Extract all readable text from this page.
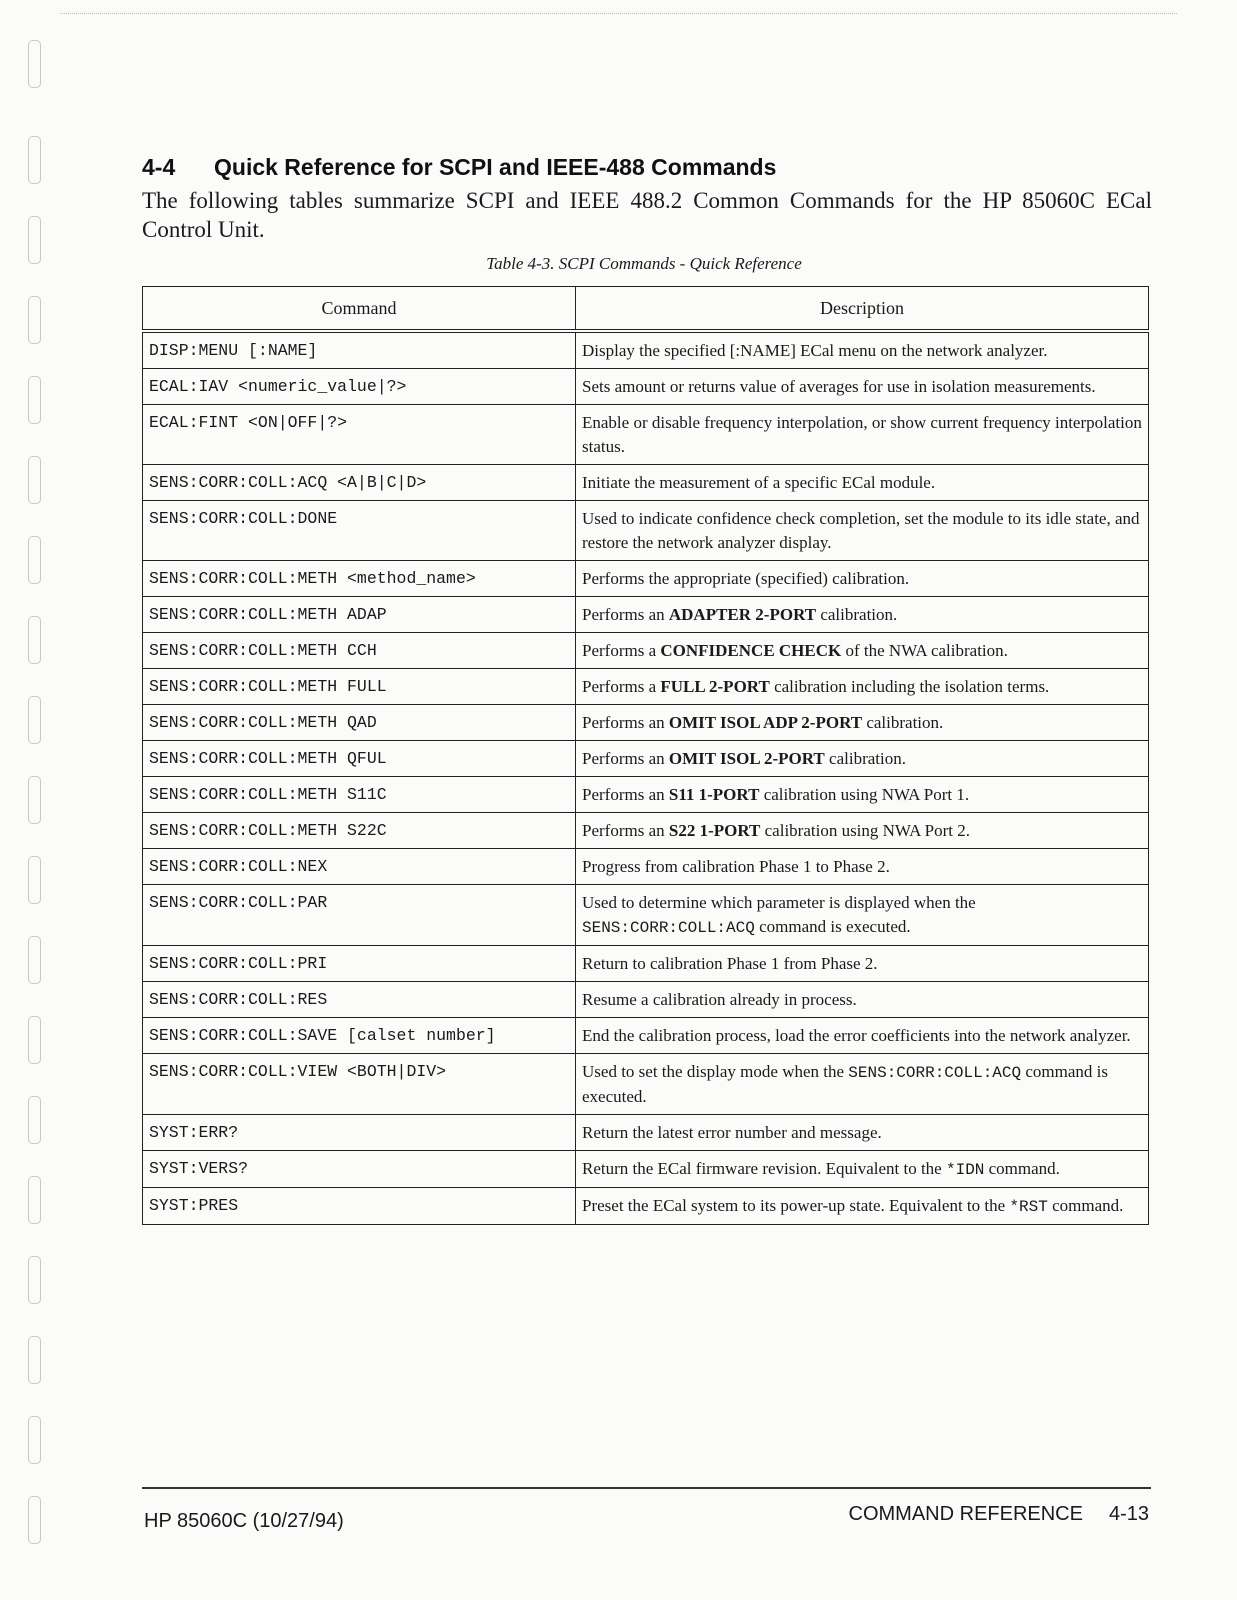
4-4 Quick Reference for SCPI and IEEE-488 Commands
The following tables summarize SCPI and IEEE 488.2 Common Commands for the HP 85060C ECal Control Unit.
Table 4-3. SCPI Commands - Quick Reference
Command	Description
DISP:MENU [:NAME]	Display the specified [:NAME] ECal menu on the network analyzer.
ECAL:IAV <numeric_value|?>	Sets amount or returns value of averages for use in isolation measurements.
ECAL:FINT <ON|OFF|?>	Enable or disable frequency interpolation, or show current frequency interpolation status.
SENS:CORR:COLL:ACQ <A|B|C|D>	Initiate the measurement of a specific ECal module.
SENS:CORR:COLL:DONE	Used to indicate confidence check completion, set the module to its idle state, and restore the network analyzer display.
SENS:CORR:COLL:METH <method_name>	Performs the appropriate (specified) calibration.
SENS:CORR:COLL:METH ADAP	Performs an ADAPTER 2-PORT calibration.
SENS:CORR:COLL:METH CCH	Performs a CONFIDENCE CHECK of the NWA calibration.
SENS:CORR:COLL:METH FULL	Performs a FULL 2-PORT calibration including the isolation terms.
SENS:CORR:COLL:METH QAD	Performs an OMIT ISOL ADP 2-PORT calibration.
SENS:CORR:COLL:METH QFUL	Performs an OMIT ISOL 2-PORT calibration.
SENS:CORR:COLL:METH S11C	Performs an S11 1-PORT calibration using NWA Port 1.
SENS:CORR:COLL:METH S22C	Performs an S22 1-PORT calibration using NWA Port 2.
SENS:CORR:COLL:NEX	Progress from calibration Phase 1 to Phase 2.
SENS:CORR:COLL:PAR	Used to determine which parameter is displayed when the SENS:CORR:COLL:ACQ command is executed.
SENS:CORR:COLL:PRI	Return to calibration Phase 1 from Phase 2.
SENS:CORR:COLL:RES	Resume a calibration already in process.
SENS:CORR:COLL:SAVE [calset number]	End the calibration process, load the error coefficients into the network analyzer.
SENS:CORR:COLL:VIEW <BOTH|DIV>	Used to set the display mode when the SENS:CORR:COLL:ACQ command is executed.
SYST:ERR?	Return the latest error number and message.
SYST:VERS?	Return the ECal firmware revision. Equivalent to the *IDN command.
SYST:PRES	Preset the ECal system to its power-up state. Equivalent to the *RST command.
HP 85060C (10/27/94)	COMMAND REFERENCE 4-13
